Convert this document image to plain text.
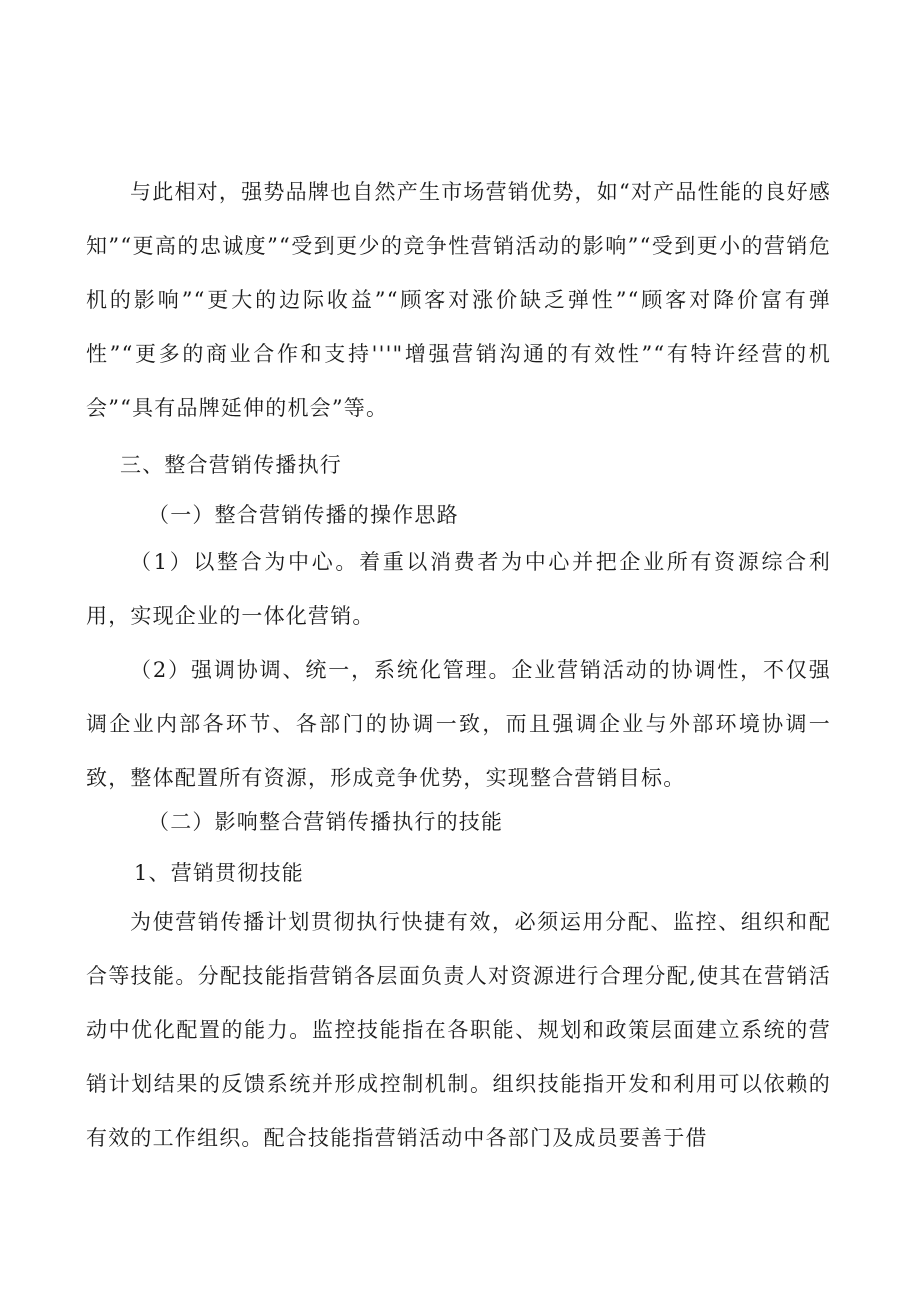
与此相对，强势品牌也自然产生市场营销优势，如“对产品性能的良好感知”“更高的忠诚度”“受到更少的竞争性营销活动的影响”“受到更小的营销危机的影响”“更大的边际收益”“顾客对涨价缺乏弹性”“顾客对降价富有弹性”“更多的商业合作和支持'''"增强营销沟通的有效性”“有特许经营的机会”“具有品牌延伸的机会”等。

三、整合营销传播执行
（一）整合营销传播的操作思路

（1）以整合为中心。着重以消费者为中心并把企业所有资源综合利用，实现企业的一体化营销。

（2）强调协调、统一，系统化管理。企业营销活动的协调性，不仅强调企业内部各环节、各部门的协调一致，而且强调企业与外部环境协调一致，整体配置所有资源，形成竞争优势，实现整合营销目标。

（二）影响整合营销传播执行的技能
1、营销贯彻技能

为使营销传播计划贯彻执行快捷有效，必须运用分配、监控、组织和配合等技能。分配技能指营销各层面负责人对资源进行合理分配,使其在营销活动中优化配置的能力。监控技能指在各职能、规划和政策层面建立系统的营销计划结果的反馈系统并形成控制机制。组织技能指开发和利用可以依赖的有效的工作组织。配合技能指营销活动中各部门及成员要善于借
